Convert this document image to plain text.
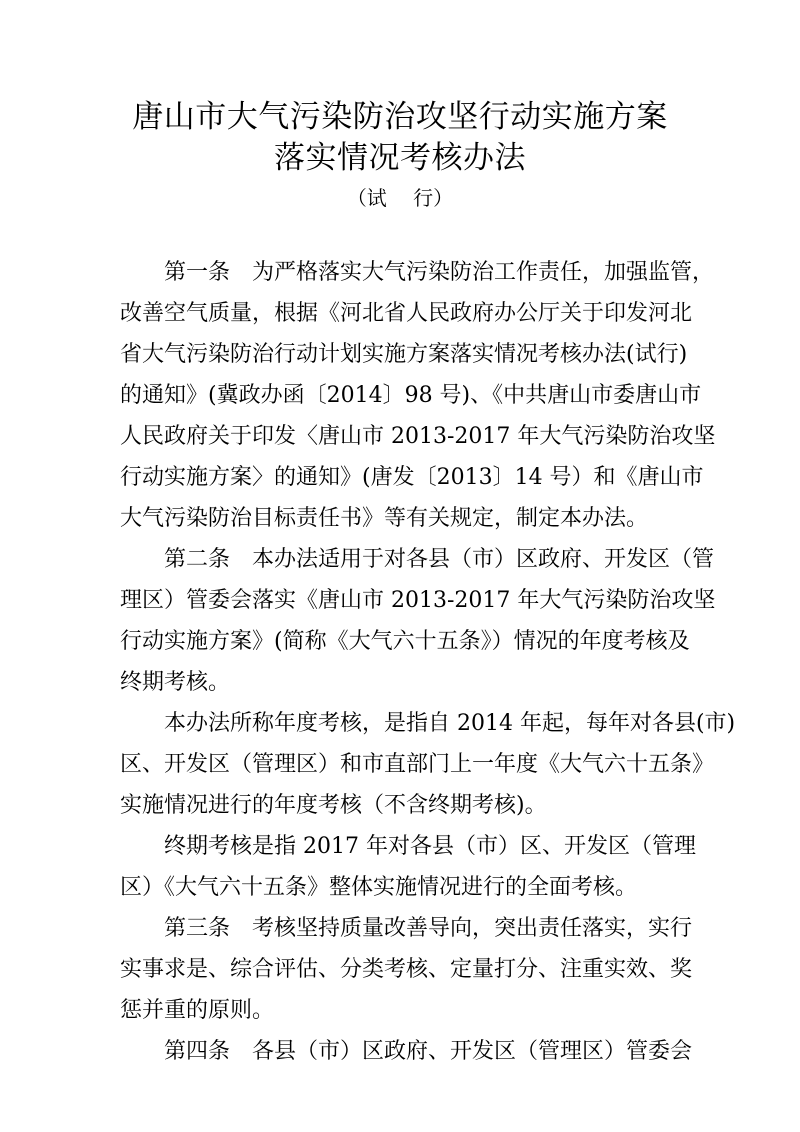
唐山市大气污染防治攻坚行动实施方案
落实情况考核办法
（试　 行）
第一条　为严格落实大气污染防治工作责任，加强监管，
改善空气质量，根据《河北省人民政府办公厅关于印发河北
省大气污染防治行动计划实施方案落实情况考核办法(试行)
的通知》(冀政办函〔2014〕98 号)、《中共唐山市委唐山市
人民政府关于印发〈唐山市 2013-2017 年大气污染防治攻坚
行动实施方案〉的通知》(唐发〔2013〕14 号）和《唐山市
大气污染防治目标责任书》等有关规定，制定本办法。
第二条　本办法适用于对各县（市）区政府、开发区（管
理区）管委会落实《唐山市 2013-2017 年大气污染防治攻坚
行动实施方案》(简称《大气六十五条》）情况的年度考核及
终期考核。
本办法所称年度考核，是指自 2014 年起，每年对各县(市)
区、开发区（管理区）和市直部门上一年度《大气六十五条》
实施情况进行的年度考核（不含终期考核)。
终期考核是指 2017 年对各县（市）区、开发区（管理
区）《大气六十五条》整体实施情况进行的全面考核。
第三条　考核坚持质量改善导向，突出责任落实，实行
实事求是、综合评估、分类考核、定量打分、注重实效、奖
惩并重的原则。
第四条　各县（市）区政府、开发区（管理区）管委会
